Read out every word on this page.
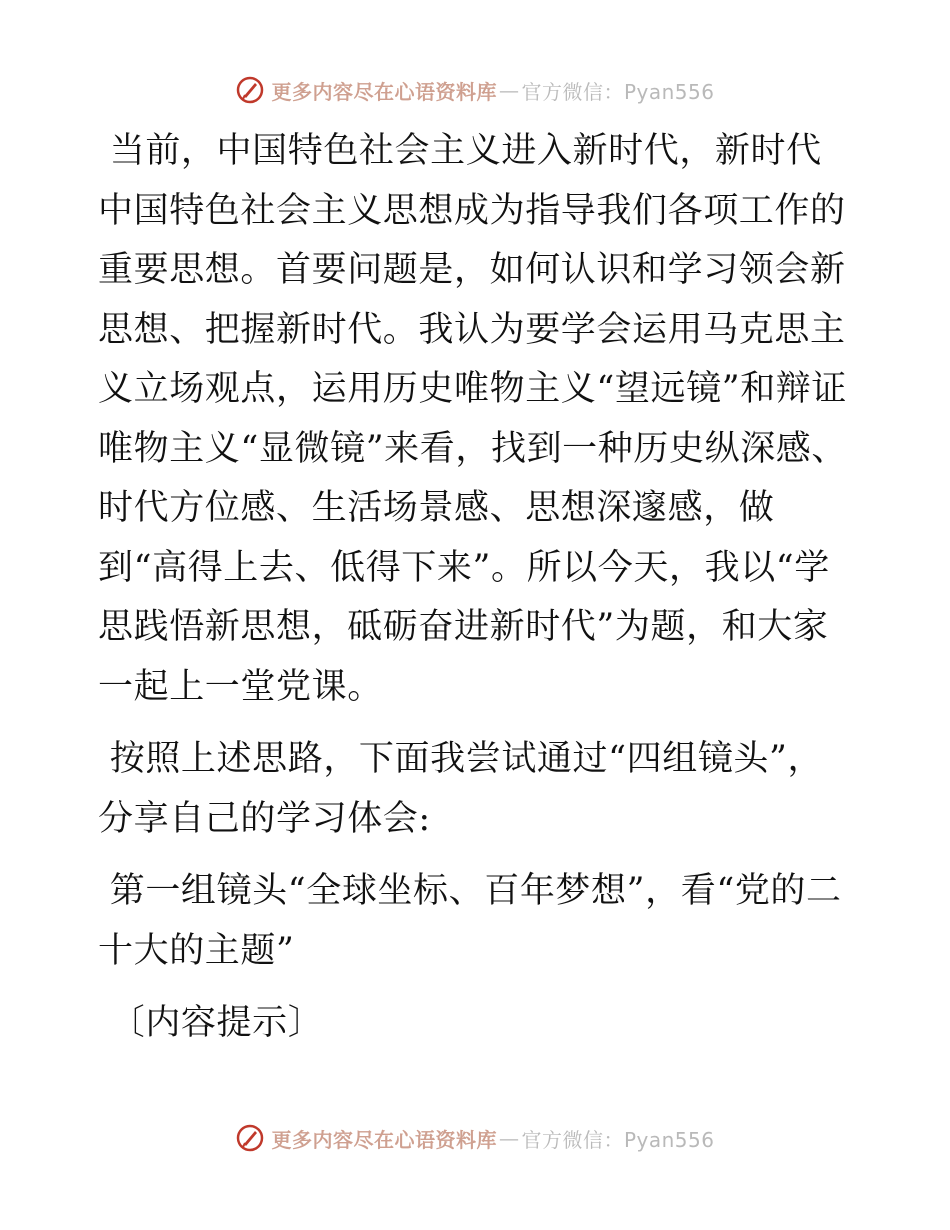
更多内容尽在心语资料库 — 官方微信：Pyan556

当前，中国特色社会主义进入新时代，新时代中国特色社会主义思想成为指导我们各项工作的重要思想。首要问题是，如何认识和学习领会新思想、把握新时代。我认为要学会运用马克思主义立场观点，运用历史唯物主义“望远镜”和辩证唯物主义“显微镜”来看，找到一种历史纵深感、时代方位感、生活场景感、思想深邃感，做到“高得上去、低得下来”。所以今天，我以“学思践悟新思想，砥砺奋进新时代”为题，和大家一起上一堂党课。

按照上述思路，下面我尝试通过“四组镜头”，分享自己的学习体会:

第一组镜头“全球坐标、百年梦想”，看“党的二十大的主题”

〔内容提示〕

更多内容尽在心语资料库 — 官方微信：Pyan556
